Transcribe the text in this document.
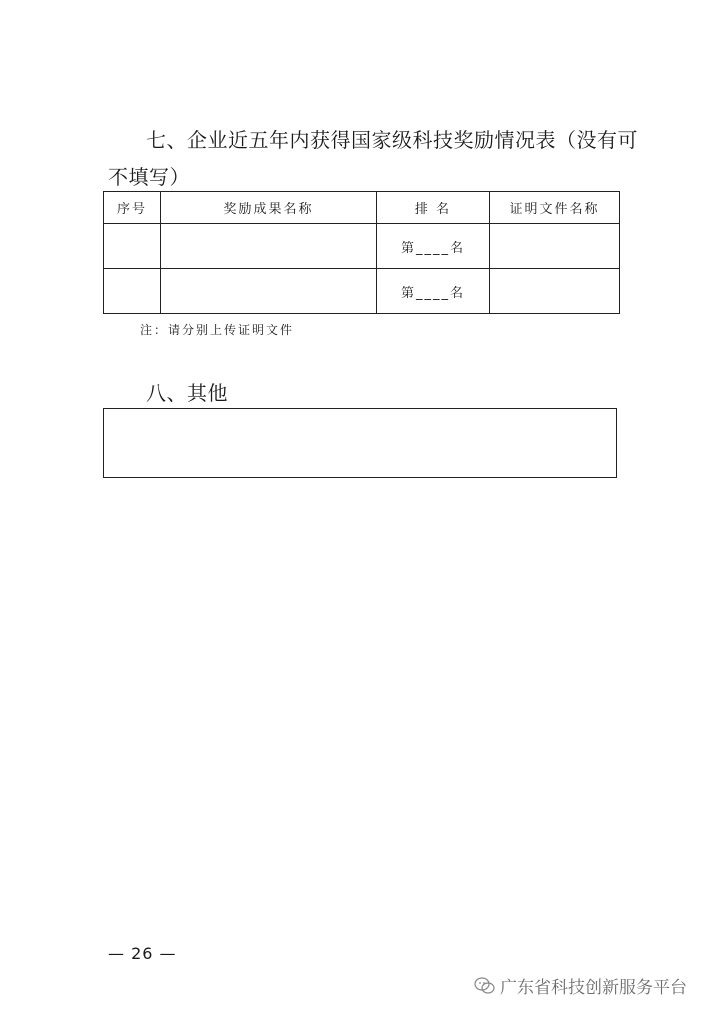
七、企业近五年内获得国家级科技奖励情况表（没有可
不填写）
序号	奖励成果名称	排 名	证明文件名称
		第____名	
		第____名	
注：请分别上传证明文件
八、其他
— 26 —
广东省科技创新服务平台
